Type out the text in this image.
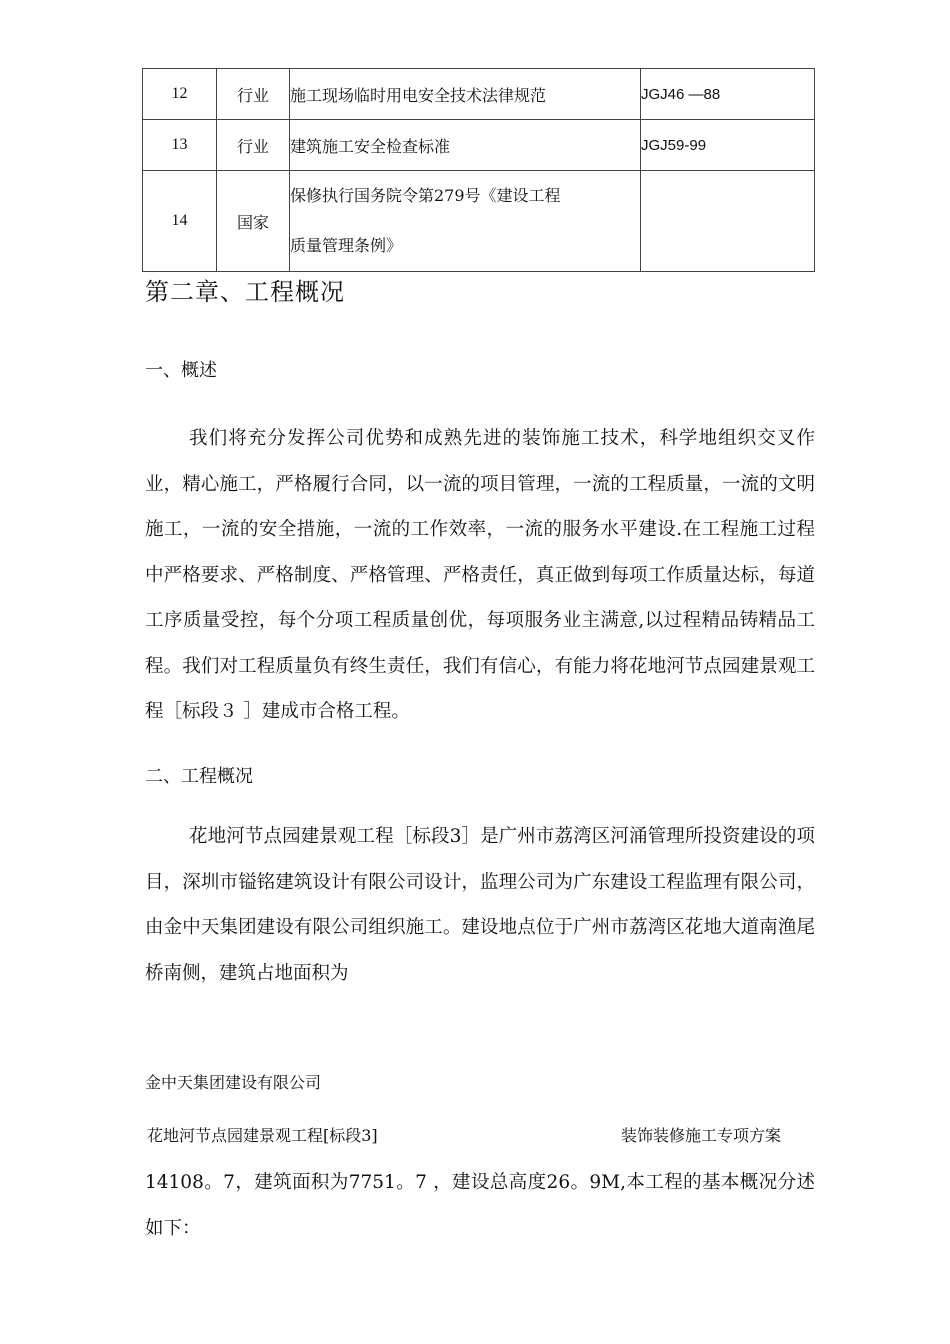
12	行业	施工现场临时用电安全技术法律规范	JGJ46 —88
13	行业	建筑施工安全检查标准	JGJ59-99
14	国家	保修执行国务院令第279号《建设工程
质量管理条例》	

第二章、工程概况
一、概述

我们将充分发挥公司优势和成熟先进的装饰施工技术，科学地组织交叉作业，精心施工，严格履行合同，以一流的项目管理，一流的工程质量，一流的文明施工，一流的安全措施，一流的工作效率，一流的服务水平建设.在工程施工过程中严格要求、严格制度、严格管理、严格责任，真正做到每项工作质量达标，每道工序质量受控，每个分项工程质量创优，每项服务业主满意,以过程精品铸精品工程。我们对工程质量负有终生责任，我们有信心，有能力将花地河节点园建景观工程［标段３ ］建成市合格工程。

二、工程概况

花地河节点园建景观工程［标段3］是广州市荔湾区河涌管理所投资建设的项目，深圳市镒铭建筑设计有限公司设计，监理公司为广东建设工程监理有限公司，由金中天集团建设有限公司组织施工。建设地点位于广州市荔湾区花地大道南渔尾桥南侧，建筑占地面积为

金中天集团建设有限公司
花地河节点园建景观工程[标段3]	装饰装修施工专项方案

14108。7，建筑面积为7751。7 ，建设总高度26。9M,本工程的基本概况分述如下：
